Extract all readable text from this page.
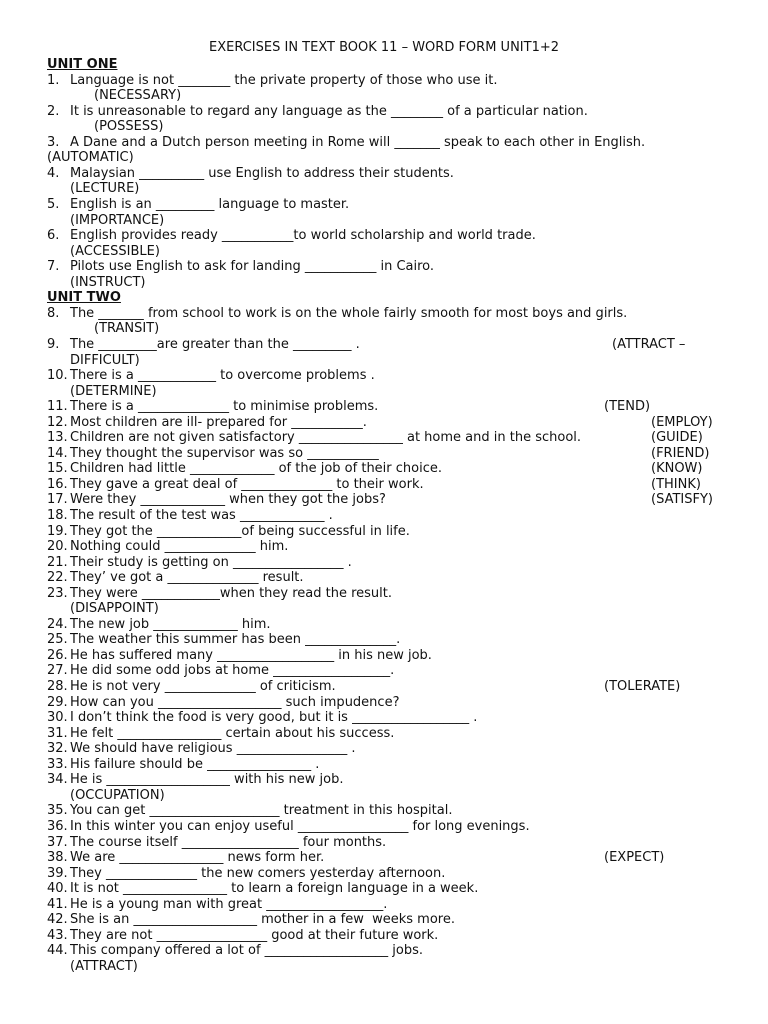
EXERCISES IN TEXT BOOK 11 – WORD FORM UNIT1+2
UNIT ONE
1. Language is not ________ the private property of those who use it.
(NECESSARY)
2. It is unreasonable to regard any language as the ________ of a particular nation.
(POSSESS)
3. A Dane and a Dutch person meeting in Rome will _______ speak to each other in English.
(AUTOMATIC)
4. Malaysian __________ use English to address their students.
(LECTURE)
5. English is an _________ language to master.
(IMPORTANCE)
6. English provides ready ___________to world scholarship and world trade.
(ACCESSIBLE)
7. Pilots use English to ask for landing ___________ in Cairo.
(INSTRUCT)
UNIT TWO
8. The _______ from school to work is on the whole fairly smooth for most boys and girls.
(TRANSIT)
9. The _________are greater than the _________ .	(ATTRACT –
DIFFICULT)
10. There is a ____________ to overcome problems .
(DETERMINE)
11. There is a ______________ to minimise problems.	(TEND)
12. Most children are ill- prepared for ___________.	(EMPLOY)
13. Children are not given satisfactory ________________ at home and in the school.	(GUIDE)
14. They thought the supervisor was so ___________	(FRIEND)
15. Children had little _____________ of the job of their choice.	(KNOW)
16. They gave a great deal of ______________ to their work.	(THINK)
17. Were they _____________ when they got the jobs?	(SATISFY)
18. The result of the test was _____________ .
19. They got the _____________of being successful in life.
20. Nothing could ______________ him.
21. Their study is getting on _________________ .
22. They’ ve got a ______________ result.
23. They were ____________when they read the result.
(DISAPPOINT)
24. The new job _____________ him.
25. The weather this summer has been ______________.
26. He has suffered many __________________ in his new job.
27. He did some odd jobs at home __________________.
28. He is not very ______________ of criticism.	(TOLERATE)
29. How can you ___________________ such impudence?
30. I don’t think the food is very good, but it is __________________ .
31. He felt ________________ certain about his success.
32. We should have religious _________________ .
33. His failure should be ________________ .
34. He is ___________________ with his new job.
(OCCUPATION)
35. You can get ____________________ treatment in this hospital.
36. In this winter you can enjoy useful _________________ for long evenings.
37. The course itself __________________ four months.
38. We are ________________ news form her.	(EXPECT)
39. They ______________ the new comers yesterday afternoon.
40. It is not ________________ to learn a foreign language in a week.
41. He is a young man with great __________________.
42. She is an ___________________ mother in a few  weeks more.
43. They are not _________________ good at their future work.
44. This company offered a lot of ___________________ jobs.
(ATTRACT)
